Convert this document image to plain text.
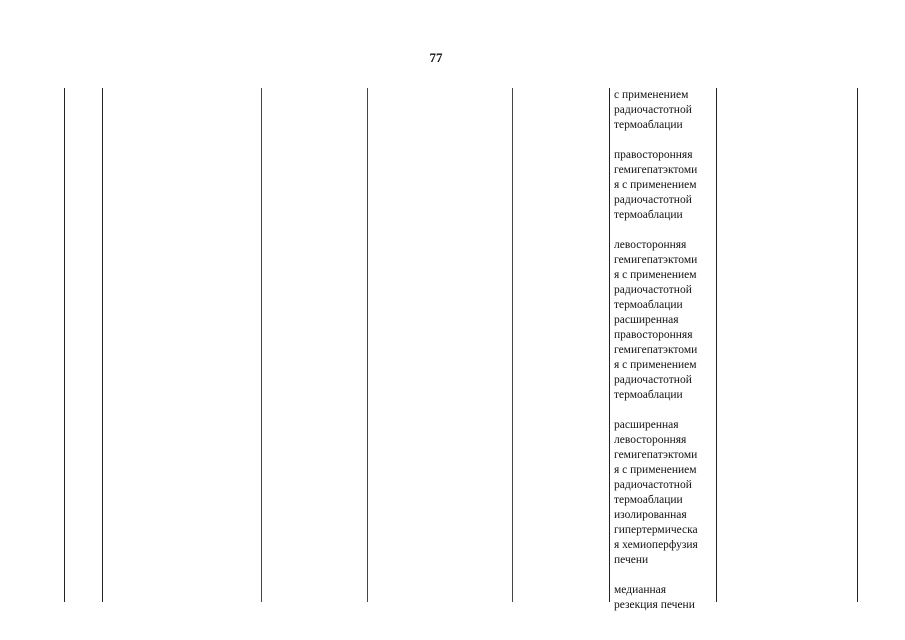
77
с применением
радиочастотной
термоаблации
правосторонняя
гемигепатэктоми
я с применением
радиочастотной
термоаблации
левосторонняя
гемигепатэктоми
я с применением
радиочастотной
термоаблации
расширенная
правосторонняя
гемигепатэктоми
я с применением
радиочастотной
термоаблации
расширенная
левосторонняя
гемигепатэктоми
я с применением
радиочастотной
термоаблации
изолированная
гипертермическа
я хемиоперфузия
печени
медианная
резекция печени
